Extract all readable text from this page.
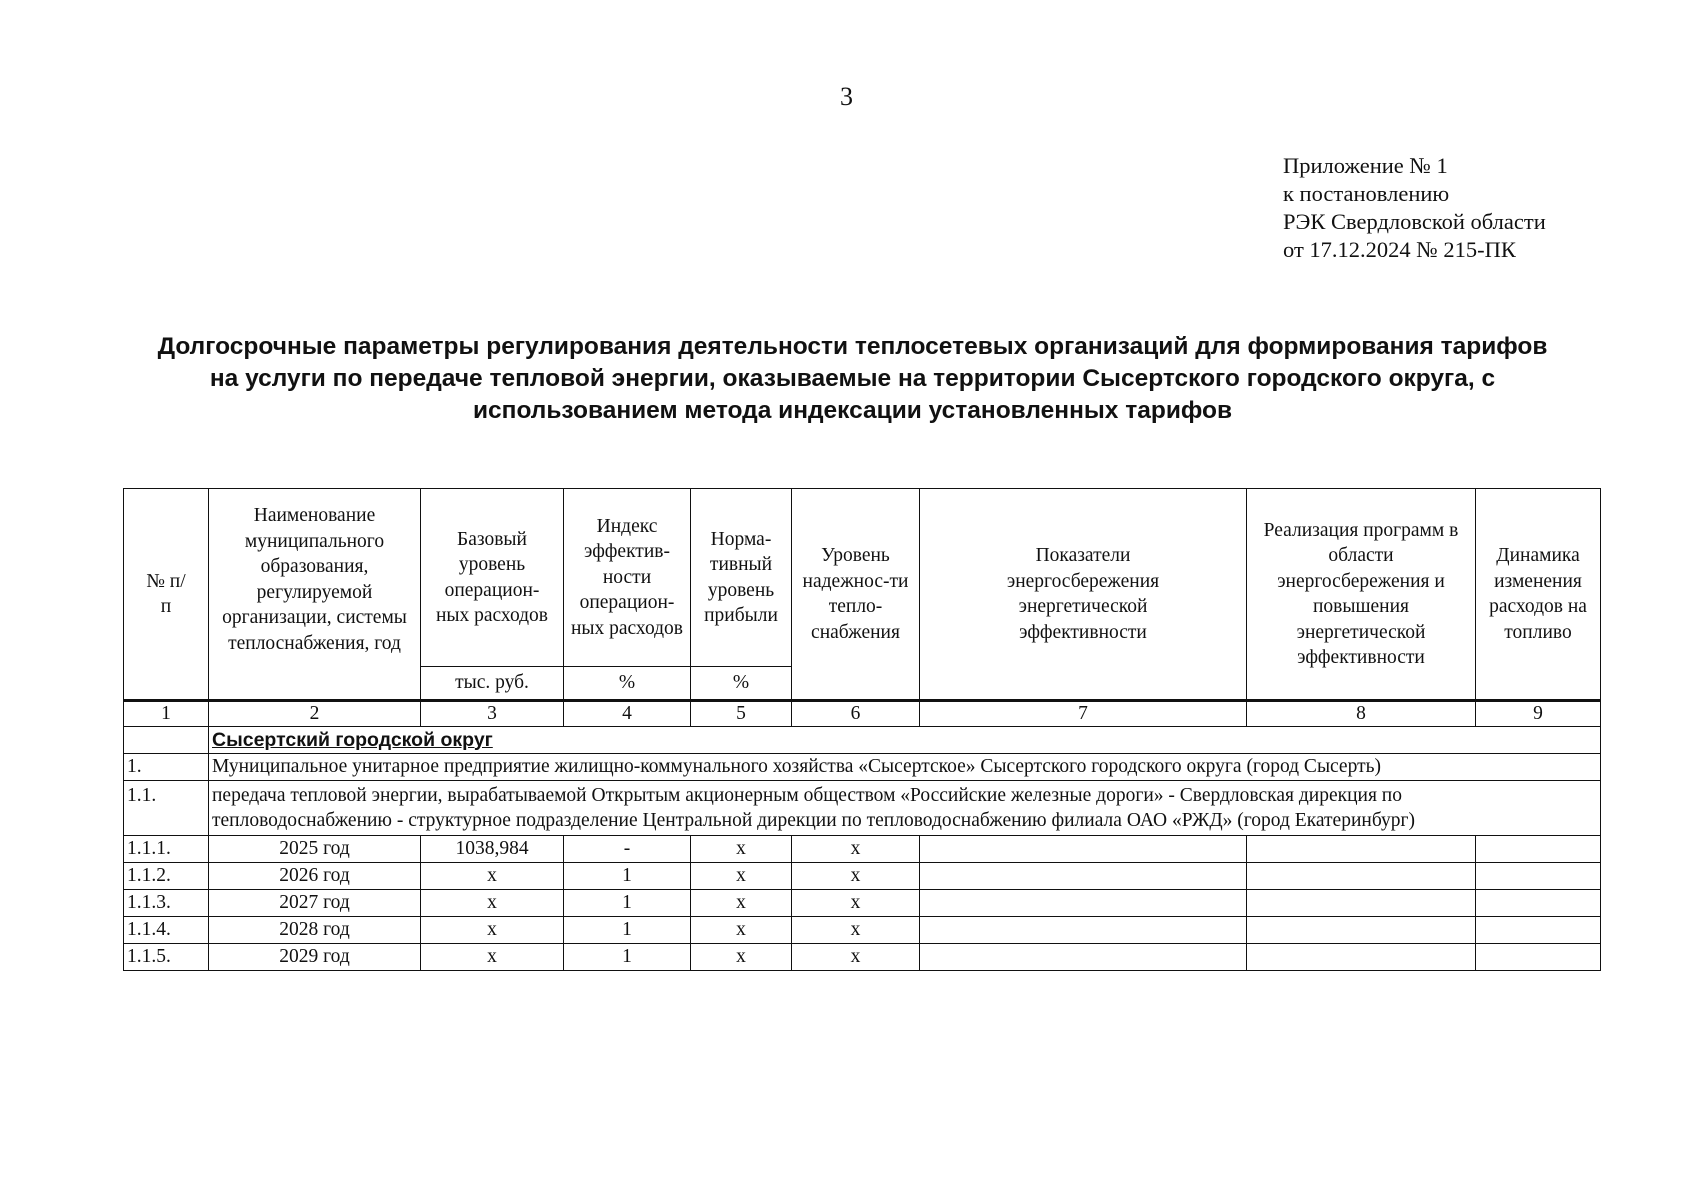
3
Приложение № 1
к постановлению
РЭК Свердловской области
от 17.12.2024 № 215-ПК
Долгосрочные параметры регулирования деятельности теплосетевых организаций для формирования тарифов
на услуги по передаче тепловой энергии, оказываемые на территории Сысертского городского округа, с
использованием метода индексации установленных тарифов
№ п/п	Наименование муниципального образования, регулируемой организации, системы теплоснабжения, год	Базовый уровень операцион-ных расходов	Индекс эффектив-ности операцион-ных расходов	Норма-тивный уровень прибыли	Уровень надежнос-ти тепло-снабжения	Показатели энергосбережения энергетической эффективности	Реализация программ в области энергосбережения и повышения энергетической эффективности	Динамика изменения расходов на топливо
		тыс. руб.	%	%				
1	2	3	4	5	6	7	8	9
	Сысертский городской округ							
1.	Муниципальное унитарное предприятие жилищно-коммунального хозяйства «Сысертское» Сысертского городского округа (город Сысерть)							
1.1.	передача тепловой энергии, вырабатываемой Открытым акционерным обществом «Российские железные дороги» - Свердловская дирекция по
тепловодоснабжению - структурное подразделение Центральной дирекции по тепловодоснабжению филиала ОАО «РЖД» (город Екатеринбург)							

1.1.1.	2025 год	1038,984	-	x	x			
1.1.2.	2026 год	x	1	x	x			
1.1.3.	2027 год	x	1	x	x			
1.1.4.	2028 год	x	1	x	x			
1.1.5.	2029 год	x	1	x	x			
